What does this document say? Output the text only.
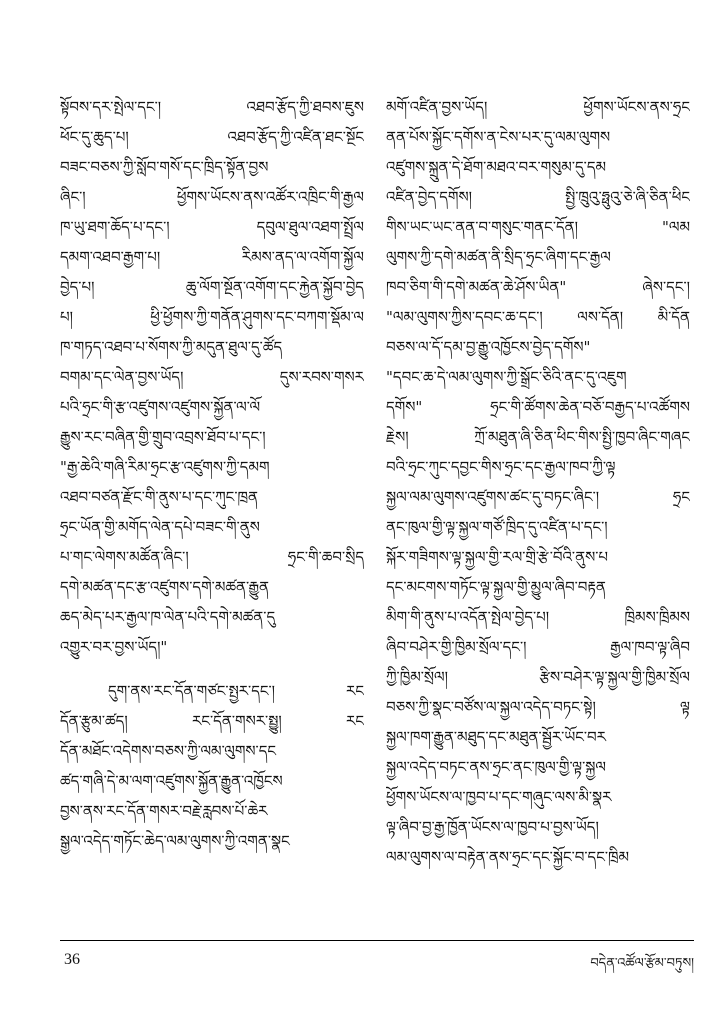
སྟོབས་དར་སྤེལ་དང་། འཐབ་རྩོད་ཀྱི་ཐབས་ཇུས
ཕོང་དུ་ཆུད་པ། འཐབ་རྩོད་ཀྱི་འཛིན་ཐང་སྔོང
བཟང་བཅས་ཀྱི་སློབ་གསོ་དང་ཁྲིད་སྟོན་བྱས
ཞིང་། ཕྱོགས་ཡོངས་ནས་འཚོར་འཁྲིང་གི་རྒྱལ
ཁ་ཡུ་ཐག་ཆོད་པ་དང་། དབུལ་ཐུལ་འཐག་སྤྲོལ
དམག་འཐབ་རྒྱག་པ། རིམས་ནད་ལ་འགོག་སྐྱོལ
བྱེད་པ། ཆུ་ལོག་སྔོན་འགོག་དང་རྐྱེན་སྐྱོབ་བྱེད
པ། ཕྱི་ཕྱོགས་ཀྱི་གནོན་ཤུགས་དང་བཀག་སྡོམ་ལ
ཁ་གཏད་འཐབ་པ་སོགས་ཀྱི་མདུན་ཐུལ་དུ་ཚོད
བགམ་དང་ལེན་བྱས་ཡོད། དུས་རབས་གསར
པའི་ཧྲང་གི་རྩ་འཛུགས་འཛུགས་སྐྱོན་ལ་ལོ
རྒྱུས་རང་བཞིན་གྱི་གྲུབ་འབྲས་ཐོབ་པ་དང་།
"རྒྱ་ཆེའི་གཞི་རིམ་ཧྲང་རྩ་འཛུགས་ཀྱི་དམག
འཐབ་བཙན་རྫོང་གི་ནུས་པ་དང་ཀུང་ཁྲན
ཧྲང་ཡོན་གྱི་མགོད་ལེན་དཔེ་བཟང་གི་ནུས
པ་གང་ལེགས་མཚོན་ཞིང་། ཧྲང་གི་ཆབ་སྲིད
དགེ་མཚན་དང་རྩ་འཛུགས་དགེ་མཚན་རྒྱུན
ཆད་མེད་པར་རྒྱལ་ཁ་ལེན་པའི་དགེ་མཚན་དུ
འགྱུར་བར་བྱས་ཡོད།"
དུག་ནས་རང་དོན་གཙང་སྤྱར་དང་། རང
དོན་རྩུམ་ཚད། རང་དོན་གསར་སྤྱུ། རང
དོན་མཐོང་འདེགས་བཅས་ཀྱི་ལམ་ལུགས་དང
ཚད་གཞི་དེ་མ་ལག་འཛུགས་སྐྱོན་རྒྱུན་འཁྱོངས
བྱས་ནས་རང་དོན་གསར་བརྗེ་རླབས་པོ་ཆེར
སྒྱལ་འདེད་གཏོང་ཆེད་ལམ་ལུགས་ཀྱི་འགན་སྣང
མགོ་འཛིན་བྱས་ཡོད། ཕྱོགས་ཡོངས་ནས་ཧྲང
ནན་པོས་སྐྱོང་དགོས་ན་ངེས་པར་དུ་ལམ་ལུགས
འཛུགས་སྐྲུན་དེ་ཐོག་མཐའ་བར་གསུམ་དུ་དམ
འཛིན་བྱེད་དགོས། སྤྱི་ཁྲུའུ་ཧྥུའུ་ཅེ་ཞི་ཅིན་ཕིང
གིས་ཡང་ཡང་ནན་བ་གསུང་གནང་དོན། "ལམ
ལུགས་ཀྱི་དགེ་མཚན་ནི་སྲིད་ཧྲང་ཞིག་དང་རྒྱལ
ཁབ་ཅིག་གི་དགེ་མཚན་ཆེ་ཤོས་ཡིན" ཞེས་དང་།
"ལམ་ལུགས་ཀྱིས་དབང་ཆ་དང་། ལས་དོན། མི་དོན
བཅས་ལ་དོ་དམ་བྱ་རྒྱུ་འཁྱོངས་བྱེད་དགོས"
"དབང་ཆ་དེ་ལམ་ལུགས་ཀྱི་སྒྲོང་ཅིའི་ནང་དུ་འཇུག
དགོས" ཧྲང་གི་ཚོགས་ཆེན་བཅོ་བརྒྱད་པ་འཚོགས
རྗེས། ཀྲོ་མཐུན་ཞི་ཅིན་ཕིང་གིས་སྤྱི་ཁྱབ་ཞིང་གཞང
བའི་ཧྲང་ཀུང་དབྱང་གིས་ཧྲང་དང་རྒྱལ་ཁབ་ཀྱི་ལྟ
སྐྱལ་ལམ་ལུགས་འཛུགས་ཚང་དུ་བཏང་ཞིང་། ཧྲང
ནང་ཁུལ་གྱི་ལྟ་སྐྱལ་གཙོ་ཁྲིད་དུ་འཛིན་པ་དང་།
སྐོར་གཟིགས་ལྟ་སྐྱལ་གྱི་རལ་གྲི་རྩེ་བོའི་ནུས་པ
དང་མངགས་གཏོང་ལྟ་སྐྱལ་གྱི་མྱུལ་ཞིབ་བརྟན
མིག་གི་ནུས་པ་འདོན་སྤེལ་བྱེད་པ། ཁྲིམས་ཁྲིམས
ཞིབ་བཤེར་གྱི་ཁྱིམ་སྲོལ་དང་། རྒྱལ་ཁབ་ལྟ་ཞིབ
ཀྱི་ཁྱིམ་སྲོལ། རྩིས་བཤེར་ལྟ་སྐྱལ་གྱི་ཁྱིམ་སྲོལ
བཅས་ཀྱི་སྣང་བཙོས་ལ་སྐྱལ་འདེད་བཏང་སྟེ། ལྟ
སྐྱལ་ཁག་རྒྱུན་མཐུད་དང་མཐུན་སྦྱོར་ཡོང་བར
སྐྱལ་འདེད་བཏང་ནས་ཧྲང་ནང་ཁུལ་གྱི་ལྟ་སྐྱལ
ཕྱོགས་ཡོངས་ལ་ཁྱབ་པ་དང་གཞུང་ལས་མི་སྣར
ལྟ་ཞིབ་བྱ་རྒྱ་ཁྱོན་ཡོངས་ལ་ཁྱབ་པ་བྱས་ཡོད།
ལམ་ལུགས་ལ་བརྟེན་ནས་ཧྲང་དང་སྐྱོང་བ་དང་ཁྲིམ
36	བདེན་འཚོལ་རྩོམ་བཏུས།
